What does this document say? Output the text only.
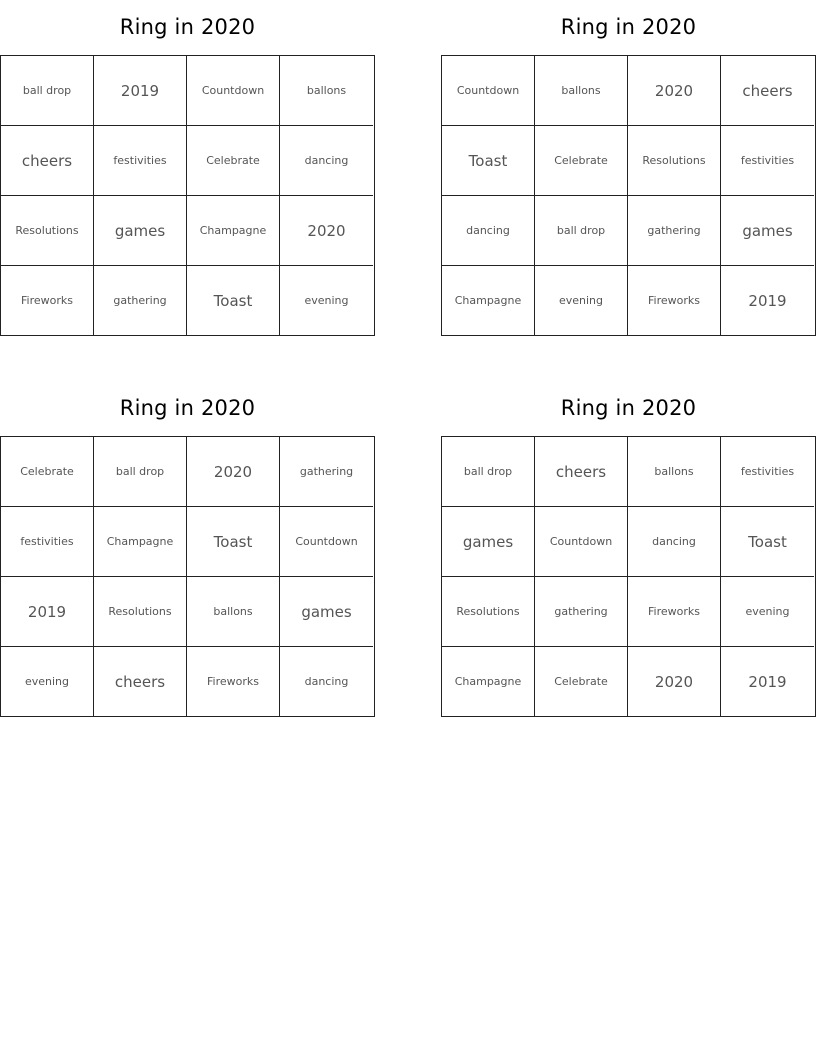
Ring in 2020
ball drop	2019	Countdown	ballons
cheers	festivities	Celebrate	dancing
Resolutions	games	Champagne	2020
Fireworks	gathering	Toast	evening
Ring in 2020
Countdown	ballons	2020	cheers
Toast	Celebrate	Resolutions	festivities
dancing	ball drop	gathering	games
Champagne	evening	Fireworks	2019
Ring in 2020
Celebrate	ball drop	2020	gathering
festivities	Champagne	Toast	Countdown
2019	Resolutions	ballons	games
evening	cheers	Fireworks	dancing
Ring in 2020
ball drop	cheers	ballons	festivities
games	Countdown	dancing	Toast
Resolutions	gathering	Fireworks	evening
Champagne	Celebrate	2020	2019
